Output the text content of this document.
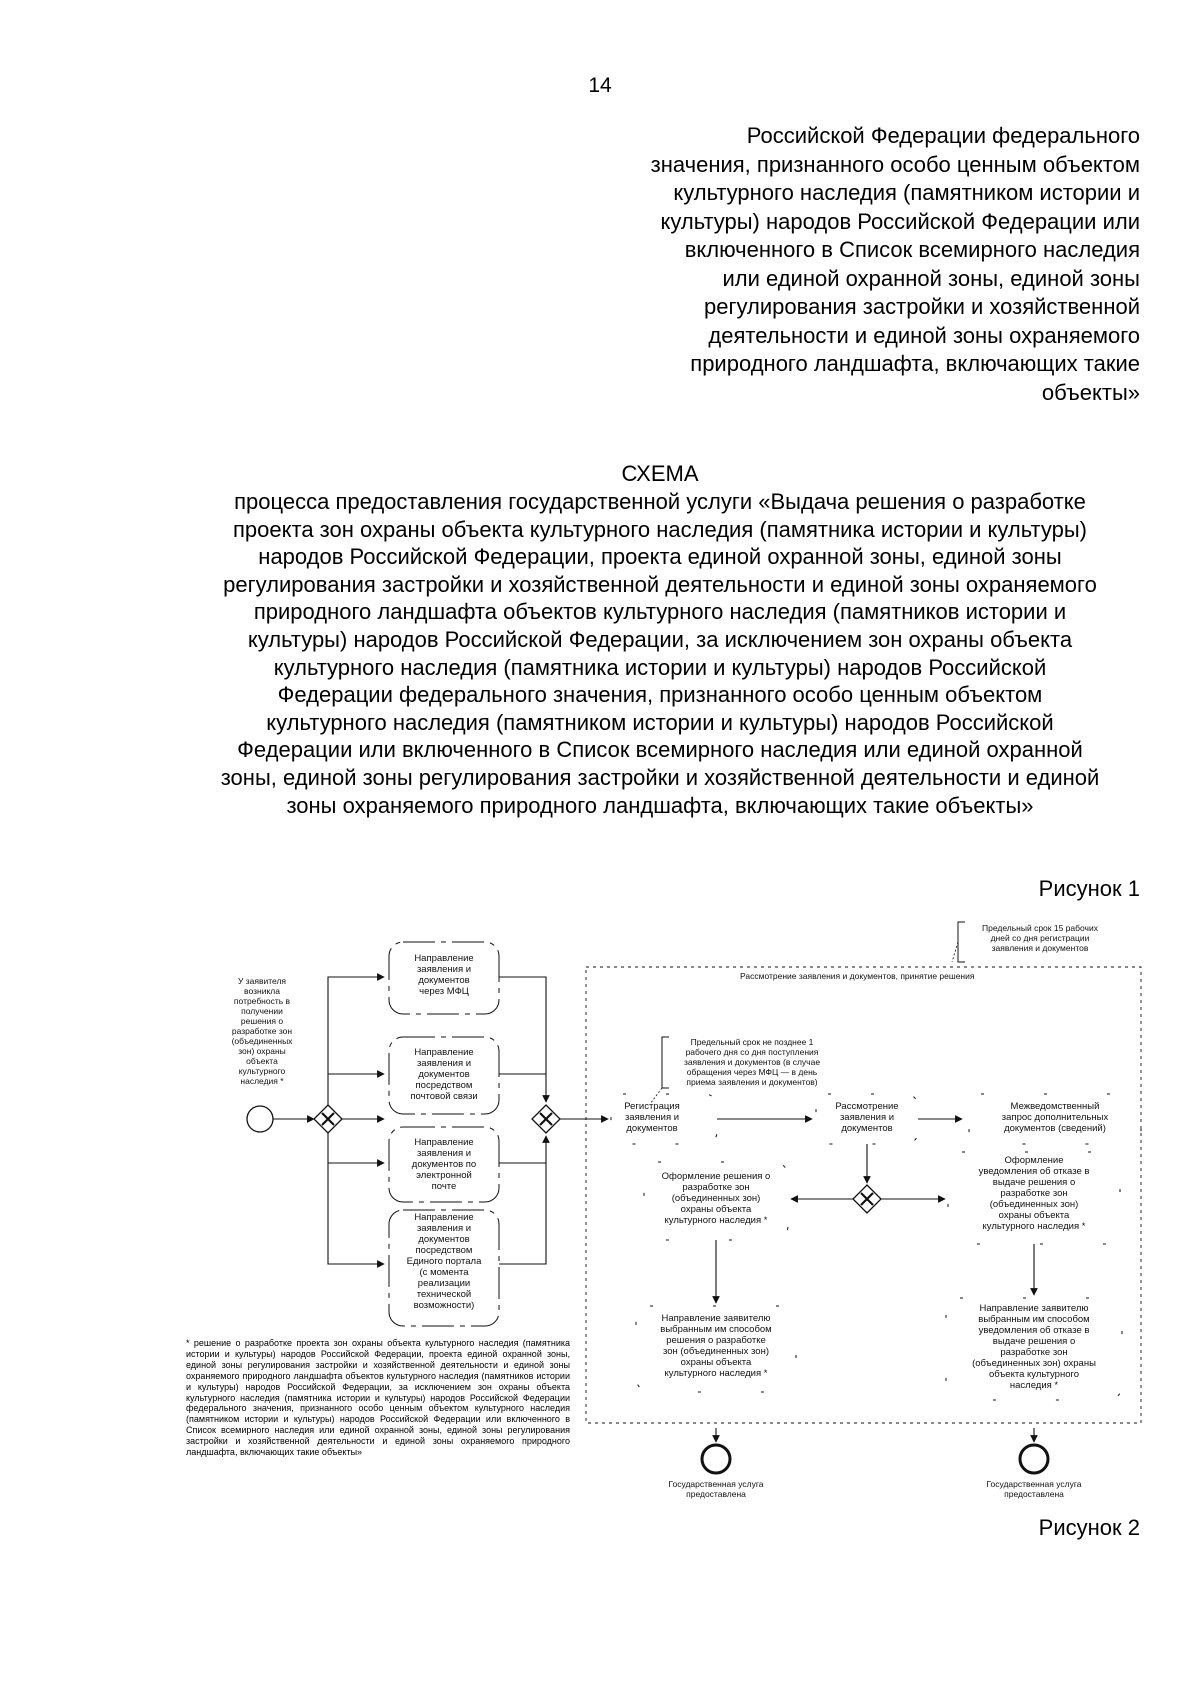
14
Российской Федерации федерального
значения, признанного особо ценным объектом
культурного наследия (памятником истории и
культуры) народов Российской Федерации или
включенного в Список всемирного наследия
или единой охранной зоны, единой зоны
регулирования застройки и хозяйственной
деятельности и единой зоны охраняемого
природного ландшафта, включающих такие
объекты»
СХЕМА
процесса предоставления государственной услуги «Выдача решения о разработке
проекта зон охраны объекта культурного наследия (памятника истории и культуры)
народов Российской Федерации, проекта единой охранной зоны, единой зоны
регулирования застройки и хозяйственной деятельности и единой зоны охраняемого
природного ландшафта объектов культурного наследия (памятников истории и
культуры) народов Российской Федерации, за исключением зон охраны объекта
культурного наследия (памятника истории и культуры) народов Российской
Федерации федерального значения, признанного особо ценным объектом
культурного наследия (памятником истории и культуры) народов Российской
Федерации или включенного в Список всемирного наследия или единой охранной
зоны, единой зоны регулирования застройки и хозяйственной деятельности и единой
зоны охраняемого природного ландшафта, включающих такие объекты»
Рисунок 1
Рисунок 2
Направление
заявления и
документов
через МФЦ
Направление
заявления и
документов
посредством
почтовой связи
Направление
заявления и
документов по
электронной
почте
Направление
заявления и
документов
посредством
Единого портала
(с момента
реализации
технической
возможности)
У заявителя
возникла
потребность в
получении
решения о
разработке зон
(объединенных
зон) охраны
объекта
культурного
наследия *
Предельный срок 15 рабочих
дней со дня регистрации
заявления и документов
Рассмотрение заявления и документов, принятие решения
Предельный срок не позднее 1
рабочего дня со дня поступления
заявления и документов (в случае
обращения через МФЦ — в день
приема заявления и документов)
Регистрация
заявления и
документов
Рассмотрение
заявления и
документов
Межведомственный
запрос дополнительных
документов (сведений)
Оформление решения о
разработке зон
(объединенных зон)
охраны объекта
культурного наследия *
Оформление
уведомления об отказе в
выдаче решения о
разработке зон
(объединенных зон)
охраны объекта
культурного наследия *
Направление заявителю
выбранным им способом
решения о разработке
зон (объединенных зон)
охраны объекта
культурного наследия *
Направление заявителю
выбранным им способом
уведомления об отказе в
выдаче решения о
разработке зон
(объединенных зон) охраны
объекта культурного
наследия *
Государственная услуга
предоставлена
Государственная услуга
предоставлена
* решение о разработке проекта зон охраны объекта культурного наследия (памятника истории и культуры) народов Российской Федерации, проекта единой охранной зоны, единой зоны регулирования застройки и хозяйственной деятельности и единой зоны охраняемого природного ландшафта объектов культурного наследия (памятников истории и культуры) народов Российской Федерации, за исключением зон охраны объекта культурного наследия (памятника истории и культуры) народов Российской Федерации федерального значения, признанного особо ценным объектом культурного наследия (памятником истории и культуры) народов Российской Федерации или включенного в Список всемирного наследия или единой охранной зоны, единой зоны регулирования застройки и хозяйственной деятельности и единой зоны охраняемого природного ландшафта, включающих такие объекты»
